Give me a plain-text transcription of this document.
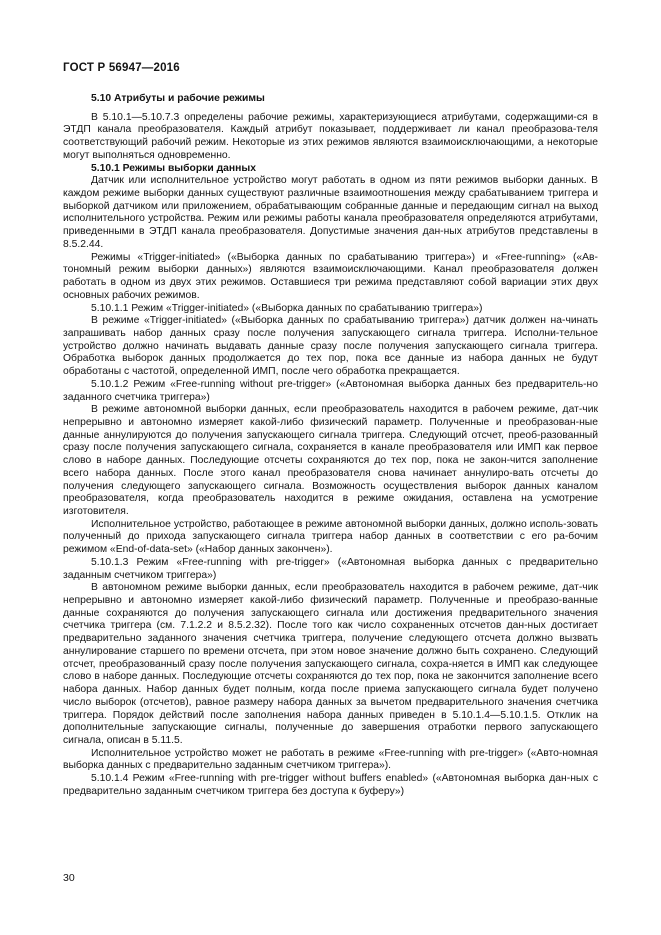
ГОСТ Р 56947—2016
5.10 Атрибуты и рабочие режимы

В 5.10.1—5.10.7.3 определены рабочие режимы, характеризующиеся атрибутами, содержащими-ся в ЭТДП канала преобразователя. Каждый атрибут показывает, поддерживает ли канал преобразова-теля соответствующий рабочий режим. Некоторые из этих режимов являются взаимоисключающими, а некоторые могут выполняться одновременно.

5.10.1 Режимы выборки данных

Датчик или исполнительное устройство могут работать в одном из пяти режимов выборки данных. В каждом режиме выборки данных существуют различные взаимоотношения между срабатыванием триггера и выборкой датчиком или приложением, обрабатывающим собранные данные и передающим сигнал на выход исполнительного устройства. Режим или режимы работы канала преобразователя определяются атрибутами, приведенными в ЭТДП канала преобразователя. Допустимые значения дан-ных атрибутов представлены в 8.5.2.44.

Режимы «Trigger-initiated» («Выборка данных по срабатыванию триггера») и «Free-running» («Ав-тономный режим выборки данных») являются взаимоисключающими. Канал преобразователя должен работать в одном из двух этих режимов. Оставшиеся три режима представляют собой вариации этих двух основных рабочих режимов.

5.10.1.1 Режим «Trigger-initiated» («Выборка данных по срабатыванию триггера»)

В режиме «Trigger-initiated» («Выборка данных по срабатыванию триггера») датчик должен на-чинать запрашивать набор данных сразу после получения запускающего сигнала триггера. Исполни-тельное устройство должно начинать выдавать данные сразу после получения запускающего сигнала триггера. Обработка выборок данных продолжается до тех пор, пока все данные из набора данных не будут обработаны с частотой, определенной ИМП, после чего обработка прекращается.

5.10.1.2 Режим «Free-running without pre-trigger» («Автономная выборка данных без предваритель-но заданного счетчика триггера»)

В режиме автономной выборки данных, если преобразователь находится в рабочем режиме, дат-чик непрерывно и автономно измеряет какой-либо физический параметр. Полученные и преобразован-ные данные аннулируются до получения запускающего сигнала триггера. Следующий отсчет, преоб-разованный сразу после получения запускающего сигнала, сохраняется в канале преобразователя или ИМП как первое слово в наборе данных. Последующие отсчеты сохраняются до тех пор, пока не закон-чится заполнение всего набора данных. После этого канал преобразователя снова начинает аннулиро-вать отсчеты до получения следующего запускающего сигнала. Возможность осуществления выборок данных каналом преобразователя, когда преобразователь находится в режиме ожидания, оставлена на усмотрение изготовителя.

Исполнительное устройство, работающее в режиме автономной выборки данных, должно исполь-зовать полученный до прихода запускающего сигнала триггера набор данных в соответствии с его ра-бочим режимом «End-of-data-set» («Набор данных закончен»).

5.10.1.3 Режим «Free-running with pre-trigger» («Автономная выборка данных с предварительно заданным счетчиком триггера»)

В автономном режиме выборки данных, если преобразователь находится в рабочем режиме, дат-чик непрерывно и автономно измеряет какой-либо физический параметр. Полученные и преобразо-ванные данные сохраняются до получения запускающего сигнала или достижения предварительного значения счетчика триггера (см. 7.1.2.2 и 8.5.2.32). После того как число сохраненных отсчетов дан-ных достигает предварительно заданного значения счетчика триггера, получение следующего отсчета должно вызвать аннулирование старшего по времени отсчета, при этом новое значение должно быть сохранено. Следующий отсчет, преобразованный сразу после получения запускающего сигнала, сохра-няется в ИМП как следующее слово в наборе данных. Последующие отсчеты сохраняются до тех пор, пока не закончится заполнение всего набора данных. Набор данных будет полным, когда после приема запускающего сигнала будет получено число выборок (отсчетов), равное размеру набора данных за вычетом предварительного значения счетчика триггера. Порядок действий после заполнения набора данных приведен в 5.10.1.4—5.10.1.5. Отклик на дополнительные запускающие сигналы, полученные до завершения отработки первого запускающего сигнала, описан в 5.11.5.

Исполнительное устройство может не работать в режиме «Free-running with pre-trigger» («Авто-номная выборка данных с предварительно заданным счетчиком триггера»).

5.10.1.4 Режим «Free-running with pre-trigger without buffers enabled» («Автономная выборка дан-ных с предварительно заданным счетчиком триггера без доступа к буферу»)

30
